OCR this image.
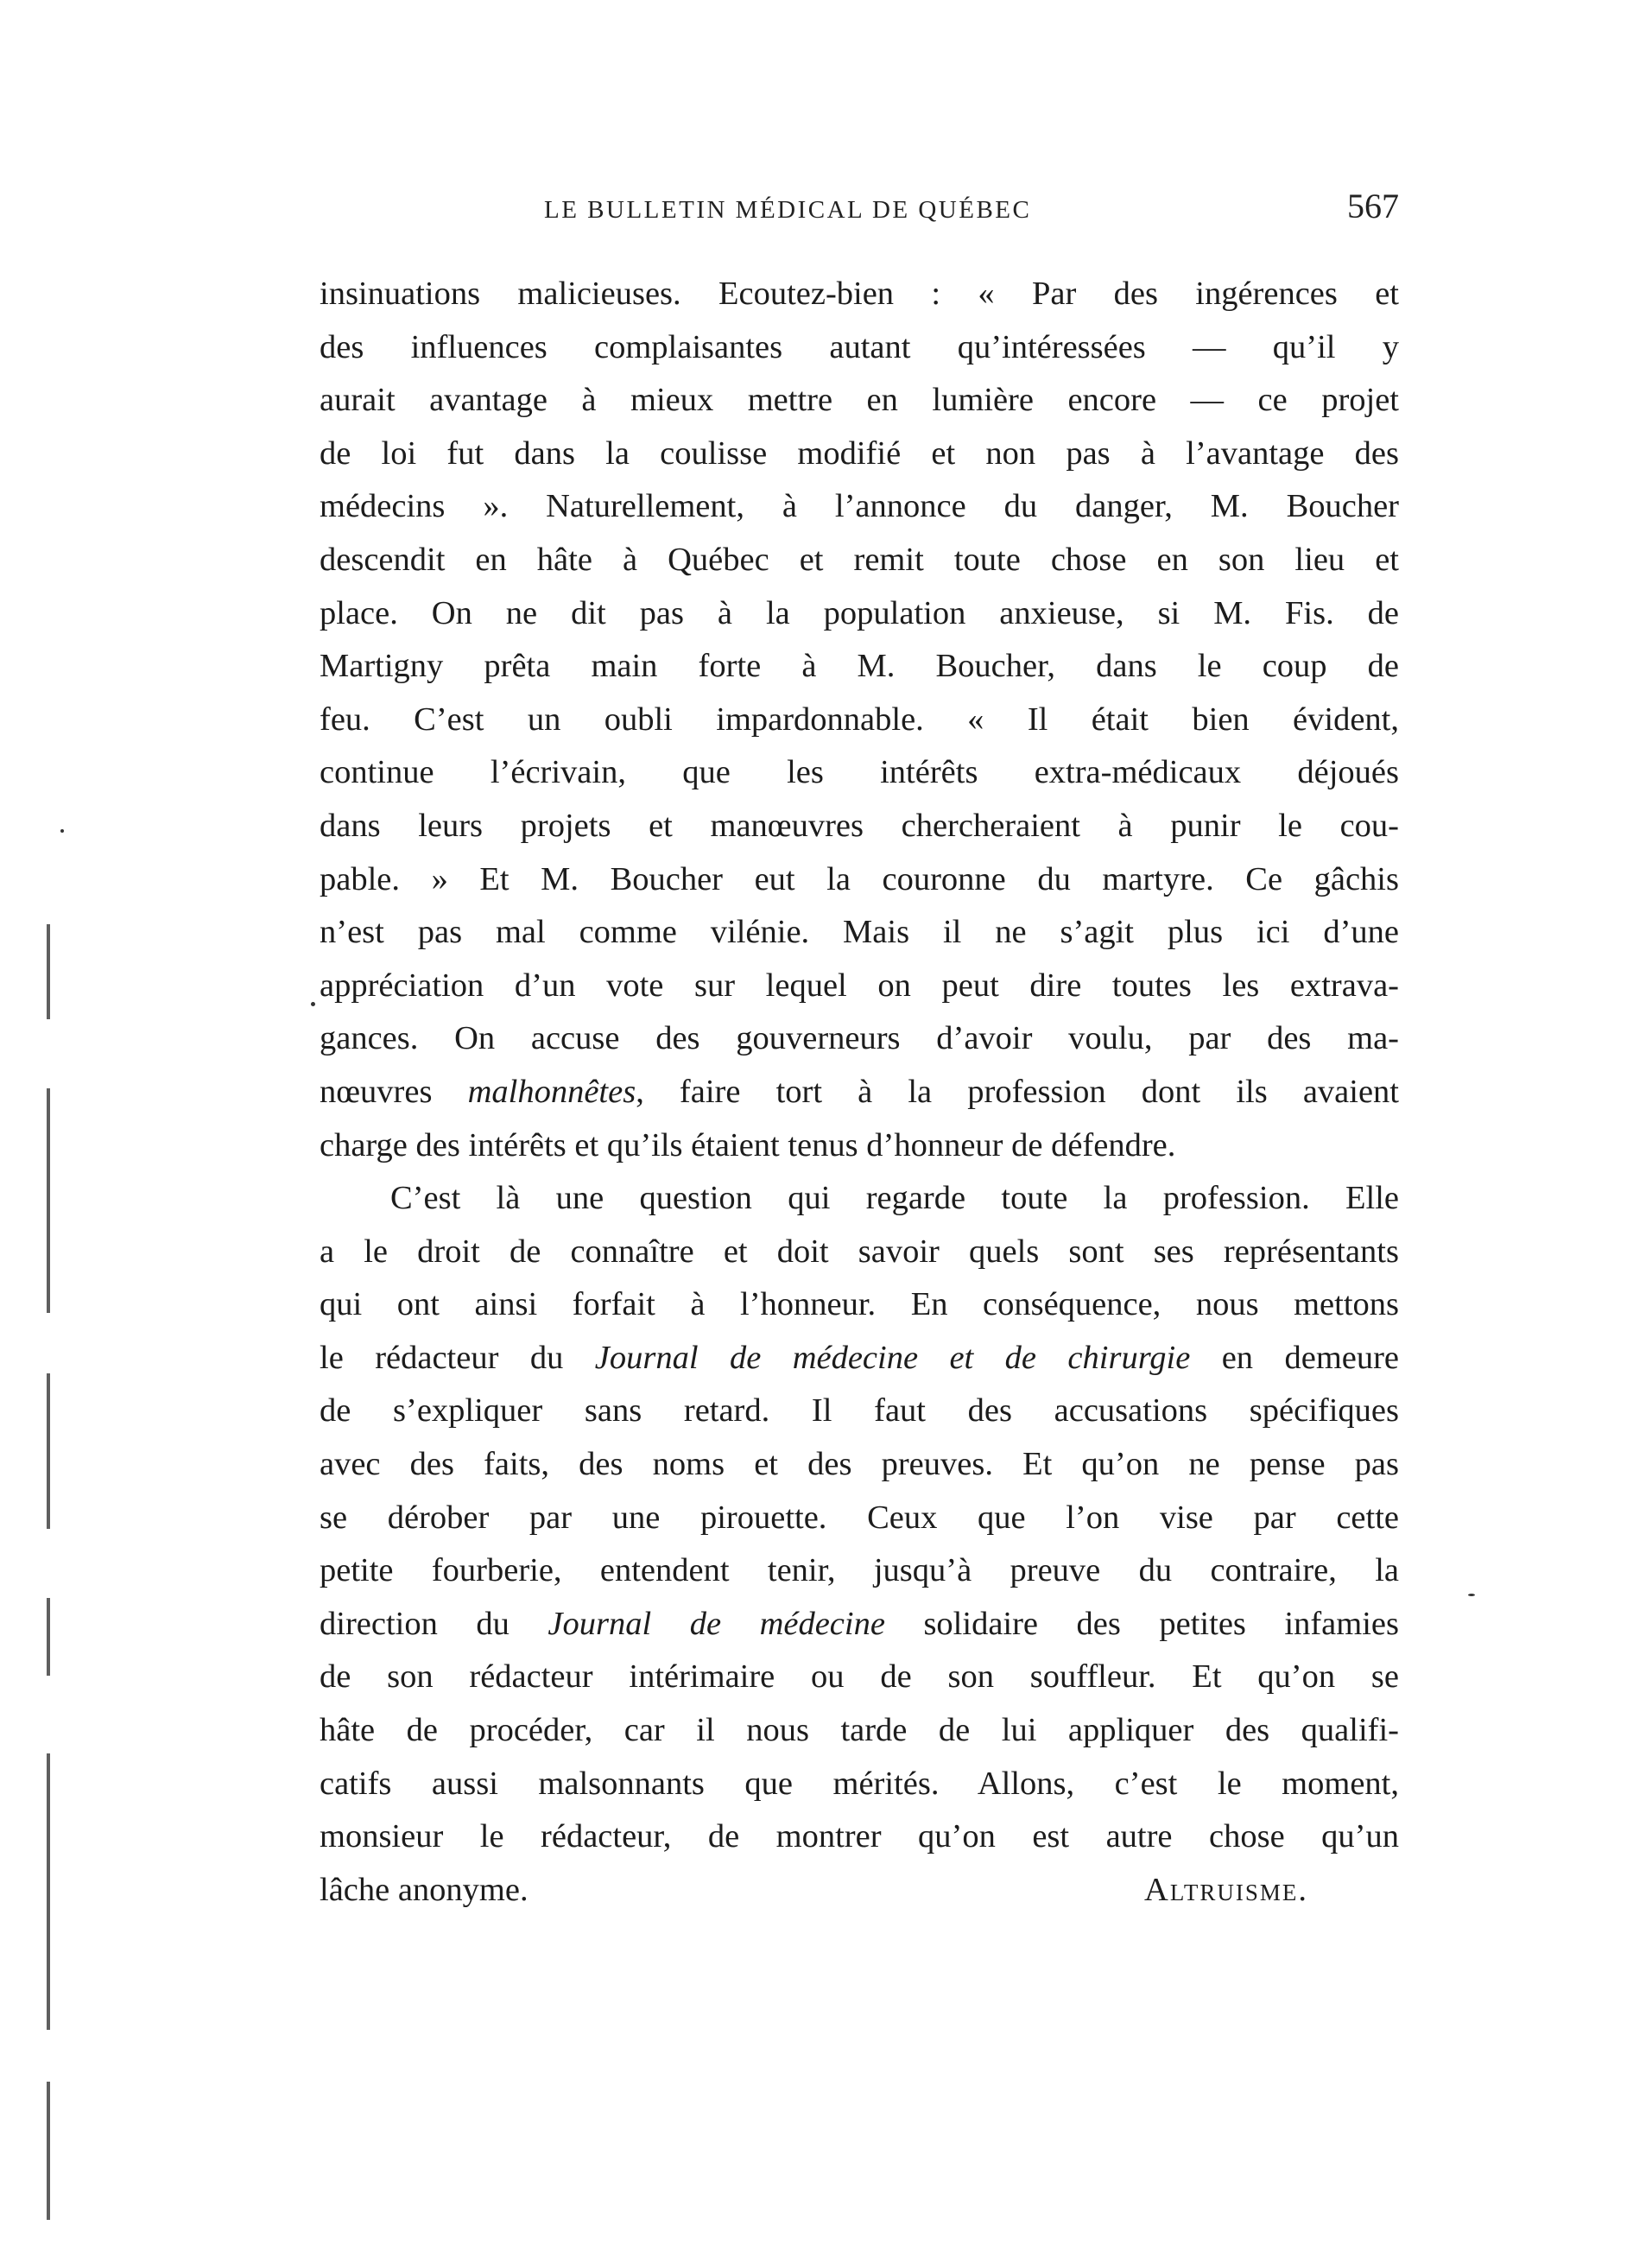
LE BULLETIN MÉDICAL DE QUÉBEC	567
insinuations malicieuses. Ecoutez-bien : « Par des ingérences et
des influences complaisantes autant qu’intéressées — qu’il y
aurait avantage à mieux mettre en lumière encore — ce projet
de loi fut dans la coulisse modifié et non pas à l’avantage des
médecins ». Naturellement, à l’annonce du danger, M. Boucher
descendit en hâte à Québec et remit toute chose en son lieu et
place. On ne dit pas à la population anxieuse, si M. Fis. de
Martigny prêta main forte à M. Boucher, dans le coup de
feu. C’est un oubli impardonnable. « Il était bien évident,
continue l’écrivain, que les intérêts extra-médicaux déjoués
dans leurs projets et manœuvres chercheraient à punir le cou-
pable. » Et M. Boucher eut la couronne du martyre. Ce gâchis
n’est pas mal comme vilénie. Mais il ne s’agit plus ici d’une
appréciation d’un vote sur lequel on peut dire toutes les extrava-
gances. On accuse des gouverneurs d’avoir voulu, par des ma-
nœuvres malhonnêtes, faire tort à la profession dont ils avaient
charge des intérêts et qu’ils étaient tenus d’honneur de défendre.
C’est là une question qui regarde toute la profession. Elle
a le droit de connaître et doit savoir quels sont ses représentants
qui ont ainsi forfait à l’honneur. En conséquence, nous mettons
le rédacteur du Journal de médecine et de chirurgie en demeure
de s’expliquer sans retard. Il faut des accusations spécifiques
avec des faits, des noms et des preuves. Et qu’on ne pense pas
se dérober par une pirouette. Ceux que l’on vise par cette
petite fourberie, entendent tenir, jusqu’à preuve du contraire, la
direction du Journal de médecine solidaire des petites infamies
de son rédacteur intérimaire ou de son souffleur. Et qu’on se
hâte de procéder, car il nous tarde de lui appliquer des qualifi-
catifs aussi malsonnants que mérités. Allons, c’est le moment,
monsieur le rédacteur, de montrer qu’on est autre chose qu’un
lâche anonyme.	Altruisme.
